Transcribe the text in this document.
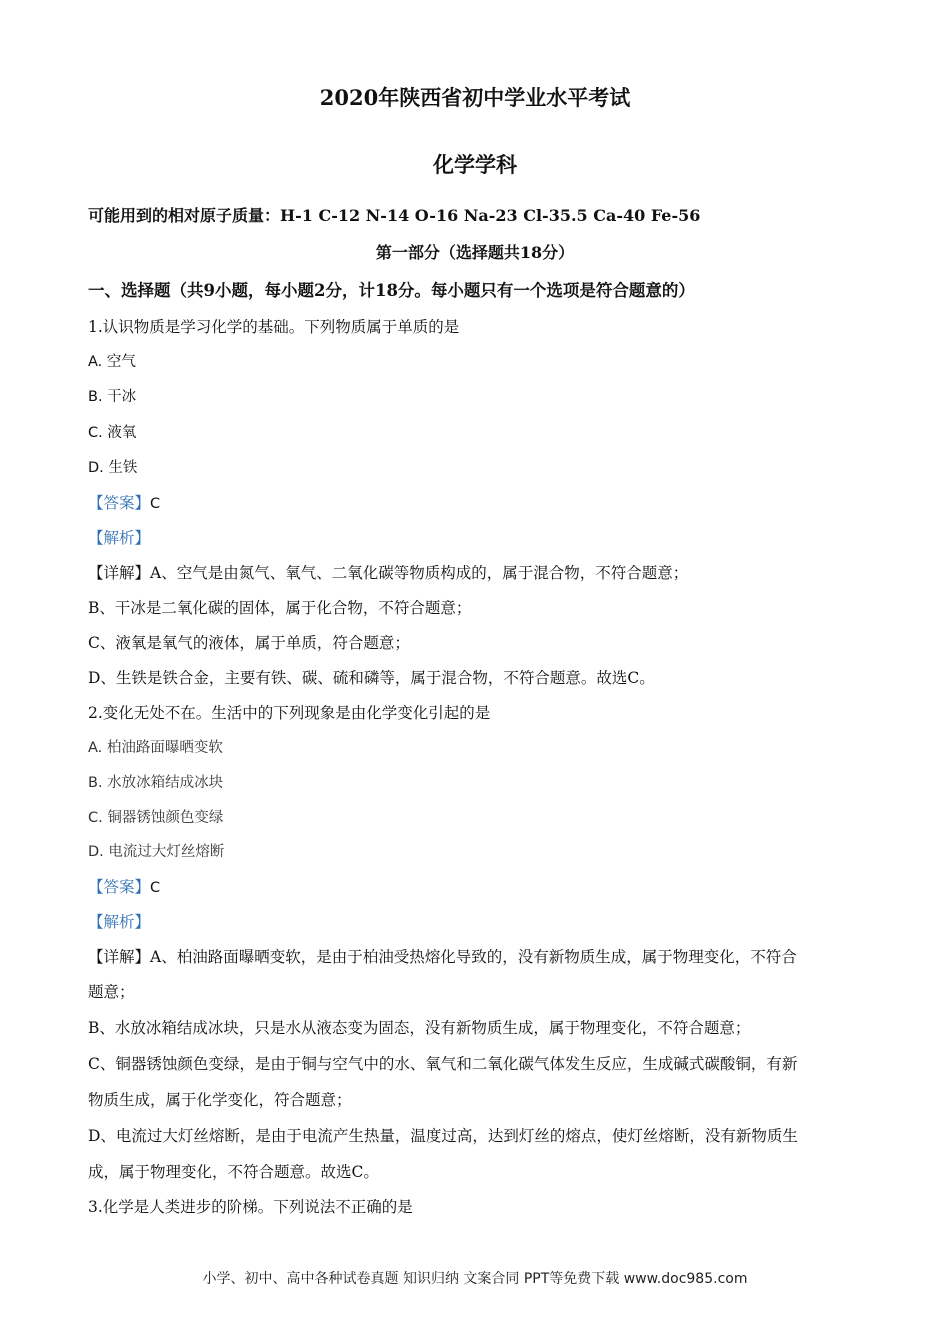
2020年陕西省初中学业水平考试
化学学科
可能用到的相对原子质量：H-1 C-12 N-14 O-16 Na-23 Cl-35.5 Ca-40 Fe-56
第一部分（选择题共18分）
一、选择题（共9小题，每小题2分，计18分。每小题只有一个选项是符合题意的）
1.认识物质是学习化学的基础。下列物质属于单质的是
A. 空气
B. 干冰
C. 液氧
D. 生铁
【答案】C
【解析】
【详解】A、空气是由氮气、氧气、二氧化碳等物质构成的，属于混合物，不符合题意；
B、干冰是二氧化碳的固体，属于化合物，不符合题意；
C、液氧是氧气的液体，属于单质，符合题意；
D、生铁是铁合金，主要有铁、碳、硫和磷等，属于混合物，不符合题意。故选C。
2.变化无处不在。生活中的下列现象是由化学变化引起的是
A. 柏油路面曝晒变软
B. 水放冰箱结成冰块
C. 铜器锈蚀颜色变绿
D. 电流过大灯丝熔断
【答案】C
【解析】
【详解】A、柏油路面曝晒变软，是由于柏油受热熔化导致的，没有新物质生成，属于物理变化，不符合
题意；
B、水放冰箱结成冰块，只是水从液态变为固态，没有新物质生成，属于物理变化，不符合题意；
C、铜器锈蚀颜色变绿，是由于铜与空气中的水、氧气和二氧化碳气体发生反应，生成碱式碳酸铜，有新
物质生成，属于化学变化，符合题意；
D、电流过大灯丝熔断，是由于电流产生热量，温度过高，达到灯丝的熔点，使灯丝熔断，没有新物质生
成，属于物理变化，不符合题意。故选C。
3.化学是人类进步的阶梯。下列说法不正确的是
小学、初中、高中各种试卷真题 知识归纳 文案合同 PPT等免费下载 www.doc985.com
